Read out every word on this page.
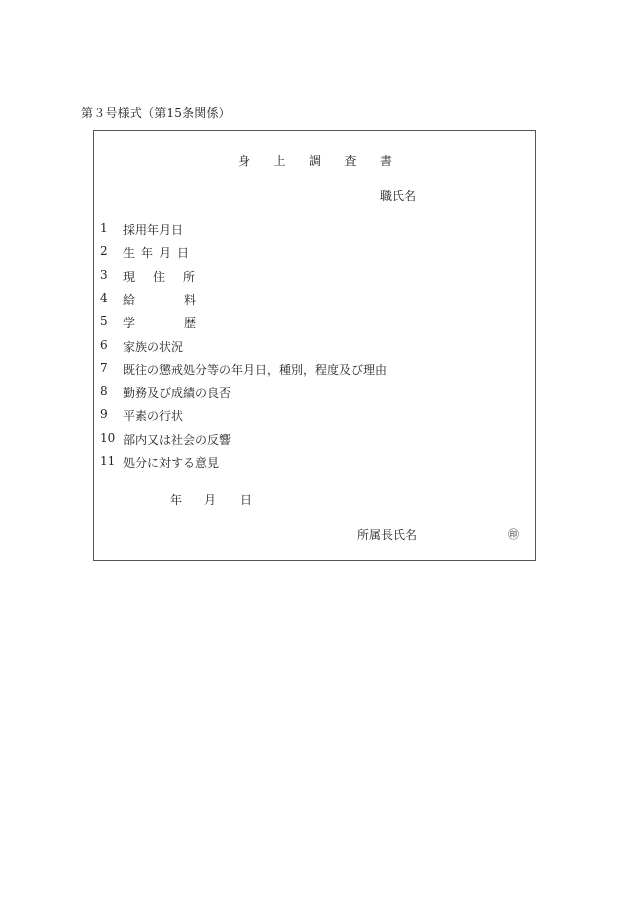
第３号様式（第15条関係）
身	上	調	査	書
職氏名
1	採用年月日
2	生年月日
3	現住所
4	給料
5	学歴
6	家族の状況
7	既往の懲戒処分等の年月日，種別，程度及び理由
8	勤務及び成績の良否
9	平素の行状
10 部内又は社会の反響
11 処分に対する意見
年 月 日
所属長氏名	㊞
